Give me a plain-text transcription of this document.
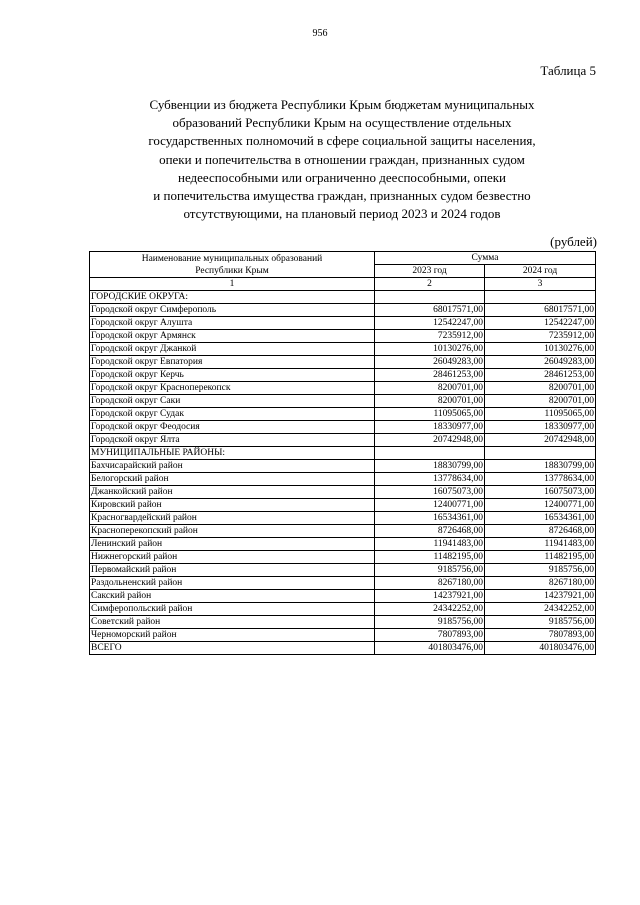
956
Таблица 5
Субвенции из бюджета Республики Крым бюджетам муниципальных
образований Республики Крым на осуществление отдельных
государственных полномочий в сфере социальной защиты населения,
опеки и попечительства в отношении граждан, признанных судом
недееспособными или ограниченно дееспособными, опеки
и попечительства имущества граждан, признанных судом безвестно
отсутствующими, на плановый период 2023 и 2024 годов
(рублей)
Наименование муниципальных образований
Республики Крым	Сумма	
	2023 год	2024 год
1	2	3
ГОРОДСКИЕ ОКРУГА:		
Городской округ Симферополь	68017571,00	68017571,00
Городской округ Алушта	12542247,00	12542247,00
Городской округ Армянск	7235912,00	7235912,00
Городской округ Джанкой	10130276,00	10130276,00
Городской округ Евпатория	26049283,00	26049283,00
Городской округ Керчь	28461253,00	28461253,00
Городской округ Красноперекопск	8200701,00	8200701,00
Городской округ Саки	8200701,00	8200701,00
Городской округ Судак	11095065,00	11095065,00
Городской округ Феодосия	18330977,00	18330977,00
Городской округ Ялта	20742948,00	20742948,00
МУНИЦИПАЛЬНЫЕ РАЙОНЫ:		
Бахчисарайский район	18830799,00	18830799,00
Белогорский район	13778634,00	13778634,00
Джанкойский район	16075073,00	16075073,00
Кировский район	12400771,00	12400771,00
Красногвардейский район	16534361,00	16534361,00
Красноперекопский район	8726468,00	8726468,00
Ленинский район	11941483,00	11941483,00
Нижнегорский район	11482195,00	11482195,00
Первомайский район	9185756,00	9185756,00
Раздольненский район	8267180,00	8267180,00
Сакский район	14237921,00	14237921,00
Симферопольский район	24342252,00	24342252,00
Советский район	9185756,00	9185756,00
Черноморский район	7807893,00	7807893,00
ВСЕГО	401803476,00	401803476,00
